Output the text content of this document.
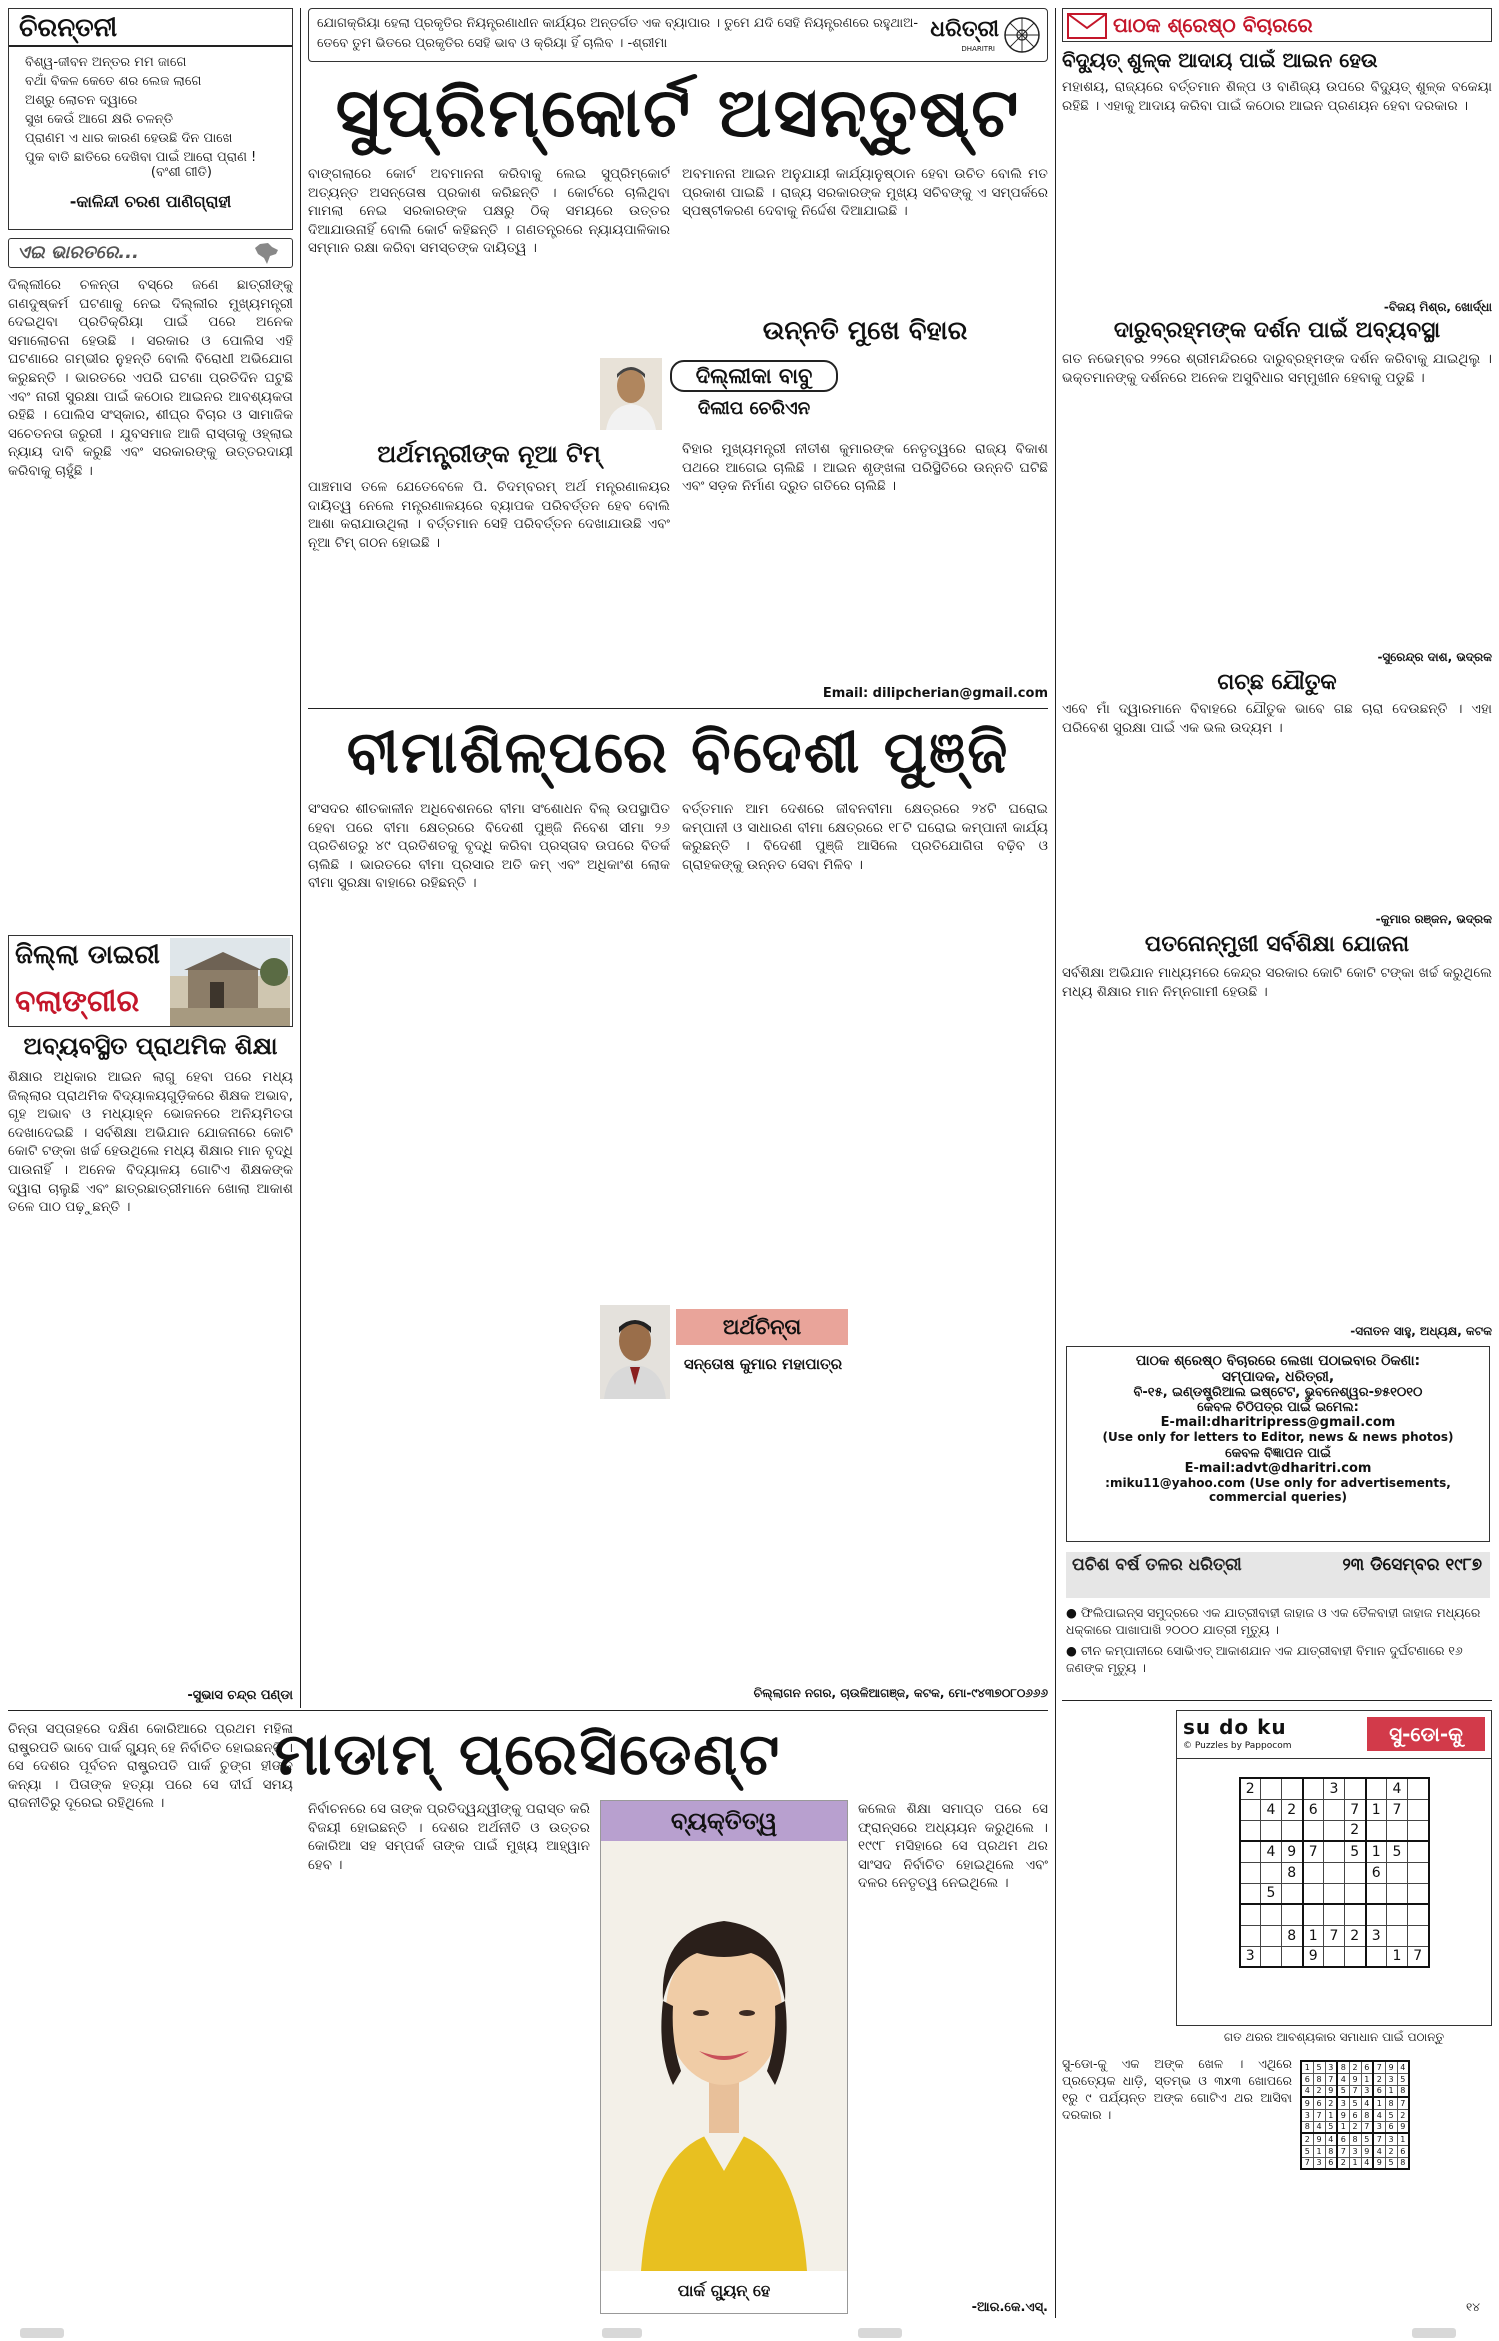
ଚିରନ୍ତନୀ
ବିଶ୍ୱ-ଜୀବନ ଅନ୍ତର ମମ ଜାଗେ
ବଥାଁ ବିକଳ କେତେ ଶର ଲେଜ ଲାଗେ
ଅଶ୍ରୁ ଲୋଚନ ଦ୍ୱାରେ
ସୁଖ କେଉଁ ଆଗେ କ୍ଷରି ଚଳନ୍ତି
ପ୍ରାଣମ ଏ ଧାର କାରଣ ହେଉଛି ଦିନ ପାଖେ
ପୁକ ବାତି ଛାତିରେ ଦେଖିବା ପାଇଁ ଆରୋ ପ୍ରାଣ !
(ବଂଶୀ ଗୀତି)
-କାଳିନ୍ଦୀ ଚରଣ ପାଣିଗ୍ରାହୀ
ଏଇ ଭାରତରେ...
ଦିଲ୍ଲୀରେ ଚଳନ୍ତା ବସ୍‌ରେ ଜଣେ ଛାତ୍ରୀଙ୍କୁ ଗଣଦୁଷ୍କର୍ମ ଘଟଣାକୁ ନେଇ ଦିଲ୍ଲୀର ମୁଖ୍ୟମନ୍ତ୍ରୀ ଦେଇଥିବା ପ୍ରତିକ୍ରିୟା ପାଇଁ ପରେ ଅନେକ ସମାଲୋଚନା ହେଉଛି । ସରକାର ଓ ପୋଲିସ ଏହି ଘଟଣାରେ ଗମ୍ଭୀର ନୁହନ୍ତି ବୋଲି ବିରୋଧୀ ଅଭିଯୋଗ କରୁଛନ୍ତି । ଭାରତରେ ଏପରି ଘଟଣା ପ୍ରତିଦିନ ଘଟୁଛି ଏବଂ ନାରୀ ସୁରକ୍ଷା ପାଇଁ କଠୋର ଆଇନର ଆବଶ୍ୟକତା ରହିଛି । ପୋଲିସ ସଂସ୍କାର, ଶୀଘ୍ର ବିଚାର ଓ ସାମାଜିକ ସଚେତନତା ଜରୁରୀ । ଯୁବସମାଜ ଆଜି ରାସ୍ତାକୁ ଓହ୍ଲାଇ ନ୍ୟାୟ ଦାବି କରୁଛି ଏବଂ ସରକାରଙ୍କୁ ଉତ୍ତରଦାୟୀ କରିବାକୁ ଚାହୁଁଛି ।
ଜିଲ୍ଲା ଡାଇରୀ
ବଲାଙ୍ଗୀର
ଅବ୍ୟବସ୍ଥିତ ପ୍ରାଥମିକ ଶିକ୍ଷା
ଶିକ୍ଷାର ଅଧିକାର ଆଇନ ଲାଗୁ ହେବା ପରେ ମଧ୍ୟ ଜିଲ୍ଲାର ପ୍ରାଥମିକ ବିଦ୍ୟାଳୟଗୁଡ଼ିକରେ ଶିକ୍ଷକ ଅଭାବ, ଗୃହ ଅଭାବ ଓ ମଧ୍ୟାହ୍ନ ଭୋଜନରେ ଅନିୟମିତତା ଦେଖାଦେଇଛି । ସର୍ବଶିକ୍ଷା ଅଭିଯାନ ଯୋଜନାରେ କୋଟି କୋଟି ଟଙ୍କା ଖର୍ଚ୍ଚ ହେଉଥିଲେ ମଧ୍ୟ ଶିକ୍ଷାର ମାନ ବୃଦ୍ଧି ପାଉନାହିଁ । ଅନେକ ବିଦ୍ୟାଳୟ ଗୋଟିଏ ଶିକ୍ଷକଙ୍କ ଦ୍ୱାରା ଚାଲୁଛି ଏବଂ ଛାତ୍ରଛାତ୍ରୀମାନେ ଖୋଲା ଆକାଶ ତଳେ ପାଠ ପଢ଼ୁଛନ୍ତି ।
-ସୁଭାସ ଚନ୍ଦ୍ର ପଣ୍ଡା
ଯୋଗକ୍ରିୟା ହେଲା ପ୍ରକୃତିର ନିୟନ୍ତ୍ରଣାଧୀନ କାର୍ଯ୍ୟର ଅନ୍ତର୍ଗତ ଏକ ବ୍ୟାପାର । ତୁମେ ଯଦି ସେହି ନିୟନ୍ତ୍ରଣରେ ରହୁଥାଅ- ତେବେ ତୁମ ଭିତରେ ପ୍ରକୃତିର ସେହି ଭାବ ଓ କ୍ରିୟା ହିଁ ଚାଲିବ । -ଶ୍ରୀମା
ଧରିତ୍ରୀ
DHARITRI
ସୁପ୍ରିମ୍‌କୋର୍ଟ ଅସନ୍ତୁଷ୍ଟ
ବାଙ୍ଗଲାରେ କୋର୍ଟ ଅବମାନନା କରିବାକୁ ଲେଇ ସୁପ୍ରିମ୍‌କୋର୍ଟ ଅତ୍ୟନ୍ତ ଅସନ୍ତୋଷ ପ୍ରକାଶ କରିଛନ୍ତି । କୋର୍ଟରେ ଚାଲିଥିବା ମାମଲା ନେଇ ସରକାରଙ୍କ ପକ୍ଷରୁ ଠିକ୍ ସମୟରେ ଉତ୍ତର ଦିଆଯାଉନାହିଁ ବୋଲି କୋର୍ଟ କହିଛନ୍ତି । ଗଣତନ୍ତ୍ରରେ ନ୍ୟାୟପାଳିକାର ସମ୍ମାନ ରକ୍ଷା କରିବା ସମସ୍ତଙ୍କ ଦାୟିତ୍ୱ ।
ଅବମାନନା ଆଇନ ଅନୁଯାୟୀ କାର୍ଯ୍ୟାନୁଷ୍ଠାନ ହେବା ଉଚିତ ବୋଲି ମତ ପ୍ରକାଶ ପାଇଛି । ରାଜ୍ୟ ସରକାରଙ୍କ ମୁଖ୍ୟ ସଚିବଙ୍କୁ ଏ ସମ୍ପର୍କରେ ସ୍ପଷ୍ଟୀକରଣ ଦେବାକୁ ନିର୍ଦ୍ଦେଶ ଦିଆଯାଇଛି ।
ଦିଲ୍ଲୀକା ବାବୁ
ଦିଲୀପ ଚେରିଏନ
ଅର୍ଥମନ୍ତ୍ରୀଙ୍କ ନୂଆ ଟିମ୍
ପାଞ୍ଚମାସ ତଳେ ଯେତେବେଳେ ପି. ଚିଦମ୍ବରମ୍ ଅର୍ଥ ମନ୍ତ୍ରଣାଳୟର ଦାୟିତ୍ୱ ନେଲେ ମନ୍ତ୍ରଣାଳୟରେ ବ୍ୟାପକ ପରିବର୍ତ୍ତନ ହେବ ବୋଲି ଆଶା କରାଯାଉଥିଲା । ବର୍ତ୍ତମାନ ସେହି ପରିବର୍ତ୍ତନ ଦେଖାଯାଉଛି ଏବଂ ନୂଆ ଟିମ୍ ଗଠନ ହୋଇଛି ।
ଉନ୍ନତି ମୁଖେ ବିହାର
ବିହାର ମୁଖ୍ୟମନ୍ତ୍ରୀ ନୀତୀଶ କୁମାରଙ୍କ ନେତୃତ୍ୱରେ ରାଜ୍ୟ ବିକାଶ ପଥରେ ଆଗେଇ ଚାଲିଛି । ଆଇନ ଶୃଙ୍ଖଳା ପରିସ୍ଥିତିରେ ଉନ୍ନତି ଘଟିଛି ଏବଂ ସଡ଼କ ନିର୍ମାଣ ଦ୍ରୁତ ଗତିରେ ଚାଲିଛି ।
Email: dilipcherian@gmail.com
ବୀମାଶିଳ୍ପରେ ବିଦେଶୀ ପୁଞ୍ଜି
ସଂସଦର ଶୀତକାଳୀନ ଅଧିବେଶନରେ ବୀମା ସଂଶୋଧନ ବିଲ୍ ଉପସ୍ଥାପିତ ହେବା ପରେ ବୀମା କ୍ଷେତ୍ରରେ ବିଦେଶୀ ପୁଞ୍ଜି ନିବେଶ ସୀମା ୨୬ ପ୍ରତିଶତରୁ ୪୯ ପ୍ରତିଶତକୁ ବୃଦ୍ଧି କରିବା ପ୍ରସ୍ତାବ ଉପରେ ବିତର୍କ ଚାଲିଛି । ଭାରତରେ ବୀମା ପ୍ରସାର ଅତି କମ୍ ଏବଂ ଅଧିକାଂଶ ଲୋକ ବୀମା ସୁରକ୍ଷା ବାହାରେ ରହିଛନ୍ତି ।
ବର୍ତ୍ତମାନ ଆମ ଦେଶରେ ଜୀବନବୀମା କ୍ଷେତ୍ରରେ ୨୪ଟି ଘରୋଇ କମ୍ପାନୀ ଓ ସାଧାରଣ ବୀମା କ୍ଷେତ୍ରରେ ୧୮ଟି ଘରୋଇ କମ୍ପାନୀ କାର୍ଯ୍ୟ କରୁଛନ୍ତି । ବିଦେଶୀ ପୁଞ୍ଜି ଆସିଲେ ପ୍ରତିଯୋଗିତା ବଢ଼ିବ ଓ ଗ୍ରାହକଙ୍କୁ ଉନ୍ନତ ସେବା ମିଳିବ ।
ଅର୍ଥଚିନ୍ତା
ସନ୍ତୋଷ କୁମାର ମହାପାତ୍ର
ଚିଲ୍ଲାଗନ ନଗର, ଚାଉଳିଆଗଞ୍ଜ, କଟକ, ମୋ-୯୪୩୭୦୮୦୬୬୬
ମାଡାମ୍ ପ୍ରେସିଡେଣ୍ଟ
ଚିନ୍ତା ସପ୍ତାହରେ ଦକ୍ଷିଣ କୋରିଆରେ ପ୍ରଥମ ମହିଳା ରାଷ୍ଟ୍ରପତି ଭାବେ ପାର୍କ ଗ୍ୟୁନ୍ ହେ ନିର୍ବାଚିତ ହୋଇଛନ୍ତି । ସେ ଦେଶର ପୂର୍ବତନ ରାଷ୍ଟ୍ରପତି ପାର୍କ ଚୁଙ୍ଗ ହୀଙ୍କ କନ୍ୟା । ପିତାଙ୍କ ହତ୍ୟା ପରେ ସେ ଦୀର୍ଘ ସମୟ ରାଜନୀତିରୁ ଦୂରେଇ ରହିଥିଲେ ।	ନିର୍ବାଚନରେ ସେ ତାଙ୍କ ପ୍ରତିଦ୍ୱନ୍ଦ୍ୱୀଙ୍କୁ ପରାସ୍ତ କରି ବିଜୟୀ ହୋଇଛନ୍ତି । ଦେଶର ଅର୍ଥନୀତି ଓ ଉତ୍ତର କୋରିଆ ସହ ସମ୍ପର୍କ ତାଙ୍କ ପାଇଁ ମୁଖ୍ୟ ଆହ୍ୱାନ ହେବ ।
ବ୍ୟକ୍ତିତ୍ୱ
ପାର୍କ ଗ୍ୟୁନ୍ ହେ
କଲେଜ ଶିକ୍ଷା ସମାପ୍ତ ପରେ ସେ ଫ୍ରାନ୍ସରେ ଅଧ୍ୟୟନ କରୁଥିଲେ । ୧୯୯୮ ମସିହାରେ ସେ ପ୍ରଥମ ଥର ସାଂସଦ ନିର୍ବାଚିତ ହୋଇଥିଲେ ଏବଂ ଦଳର ନେତୃତ୍ୱ ନେଇଥିଲେ ।
-ଆର.କେ.ଏସ୍.
ପାଠକ ଶ୍ରେଷ୍ଠ ବିଚାରରେ
ବିଦ୍ୟୁତ୍ ଶୁଳ୍କ ଆଦାୟ ପାଇଁ ଆଇନ ହେଉ
ମହାଶୟ, ରାଜ୍ୟରେ ବର୍ତ୍ତମାନ ଶିଳ୍ପ ଓ ବାଣିଜ୍ୟ ଉପରେ ବିଦ୍ୟୁତ୍ ଶୁଳ୍କ ବକେୟା ରହିଛି । ଏହାକୁ ଆଦାୟ କରିବା ପାଇଁ କଠୋର ଆଇନ ପ୍ରଣୟନ ହେବା ଦରକାର ।
-ବିଜୟ ମିଶ୍ର, ଖୋର୍ଦ୍ଧା
ଦାରୁବ୍ରହ୍ମଙ୍କ ଦର୍ଶନ ପାଇଁ ଅବ୍ୟବସ୍ଥା
ଗତ ନଭେମ୍ବର ୨୨ରେ ଶ୍ରୀମନ୍ଦିରରେ ଦାରୁବ୍ରହ୍ମଙ୍କ ଦର୍ଶନ କରିବାକୁ ଯାଇଥିଲୁ । ଭକ୍ତମାନଙ୍କୁ ଦର୍ଶନରେ ଅନେକ ଅସୁବିଧାର ସମ୍ମୁଖୀନ ହେବାକୁ ପଡୁଛି ।
-ସୁରେନ୍ଦ୍ର ଦାଶ, ଭଦ୍ରକ
ଗଚ୍ଛ ଯୌତୁକ
ଏବେ ମାଁ ଦ୍ୱାରମାନେ ବିବାହରେ ଯୌତୁକ ଭାବେ ଗଛ ଚାରା ଦେଉଛନ୍ତି । ଏହା ପରିବେଶ ସୁରକ୍ଷା ପାଇଁ ଏକ ଭଲ ଉଦ୍ୟମ ।
-କୁମାର ରଞ୍ଜନ, ଭଦ୍ରକ
ପତନୋନ୍ମୁଖୀ ସର୍ବଶିକ୍ଷା ଯୋଜନା
ସର୍ବଶିକ୍ଷା ଅଭିଯାନ ମାଧ୍ୟମରେ କେନ୍ଦ୍ର ସରକାର କୋଟି କୋଟି ଟଙ୍କା ଖର୍ଚ୍ଚ କରୁଥିଲେ ମଧ୍ୟ ଶିକ୍ଷାର ମାନ ନିମ୍ନଗାମୀ ହେଉଛି ।
-ସନାତନ ସାହୁ, ଅଧ୍ୟକ୍ଷ, କଟକ
ପାଠକ ଶ୍ରେଷ୍ଠ ବିଚାରରେ ଲେଖା ପଠାଇବାର ଠିକଣା:
ସମ୍ପାଦକ, ଧରିତ୍ରୀ,
ବି-୧୫, ଇଣ୍ଡଷ୍ଟ୍ରିଆଲ ଇଷ୍ଟେଟ, ଭୁବନେଶ୍ୱର-୭୫୧୦୧୦
କେବଳ ଚିଠିପତ୍ର ପାଇଁ ଇମେଲ:
E-mail:dharitripress@gmail.com
(Use only for letters to Editor, news & news photos)
କେବଳ ବିଜ୍ଞାପନ ପାଇଁ
E-mail:advt@dharitri.com
:miku11@yahoo.com (Use only for advertisements, commercial queries)
ପଚିଶ ବର୍ଷ ତଳର ଧରିତ୍ରୀ	୨୩ ଡିସେମ୍ବର ୧୯୮୭
● ଫିଲିପାଇନ୍ସ ସମୁଦ୍ରରେ ଏକ ଯାତ୍ରୀବାହୀ ଜାହାଜ ଓ ଏକ ତୈଳବାହୀ ଜାହାଜ ମଧ୍ୟରେ ଧକ୍କାରେ ପାଖାପାଖି ୨୦୦୦ ଯାତ୍ରୀ ମୃତ୍ୟୁ ।
● ଚୀନ କମ୍ପାନୀରେ ସୋଭିଏତ୍ ଆକାଶଯାନ ଏକ ଯାତ୍ରୀବାହୀ ବିମାନ ଦୁର୍ଘଟଣାରେ ୧୬ ଜଣଙ୍କ ମୃତ୍ୟୁ ।
su do ku
© Puzzles by Pappocom	ସୁ-ଡୋ-କୁ
2				3			4	
	4	2	6		7	1	7	
					2			
	4	9	7		5	1	5	
		8				6		
	5							

		8	1	7	2	3		
3			9				1	7
ଗତ ଥରର ଆବଶ୍ୟକାର ସମାଧାନ ପାଇଁ ପଠାନ୍ତୁ
ସୁ-ଡୋ-କୁ ଏକ ଅଙ୍କ ଖେଳ । ଏଥିରେ ପ୍ରତ୍ୟେକ ଧାଡ଼ି, ସ୍ତମ୍ଭ ଓ ୩x୩ ଖୋପରେ ୧ରୁ ୯ ପର୍ଯ୍ୟନ୍ତ ଅଙ୍କ ଗୋଟିଏ ଥର ଆସିବା ଦରକାର ।
1	5	3	8	2	6	7	9	4
6	8	7	4	9	1	2	3	5
4	2	9	5	7	3	6	1	8
9	6	2	3	5	4	1	8	7
3	7	1	9	6	8	4	5	2
8	4	5	1	2	7	3	6	9
2	9	4	6	8	5	7	3	1
5	1	8	7	3	9	4	2	6
7	3	6	2	1	4	9	5	8
୧୪
